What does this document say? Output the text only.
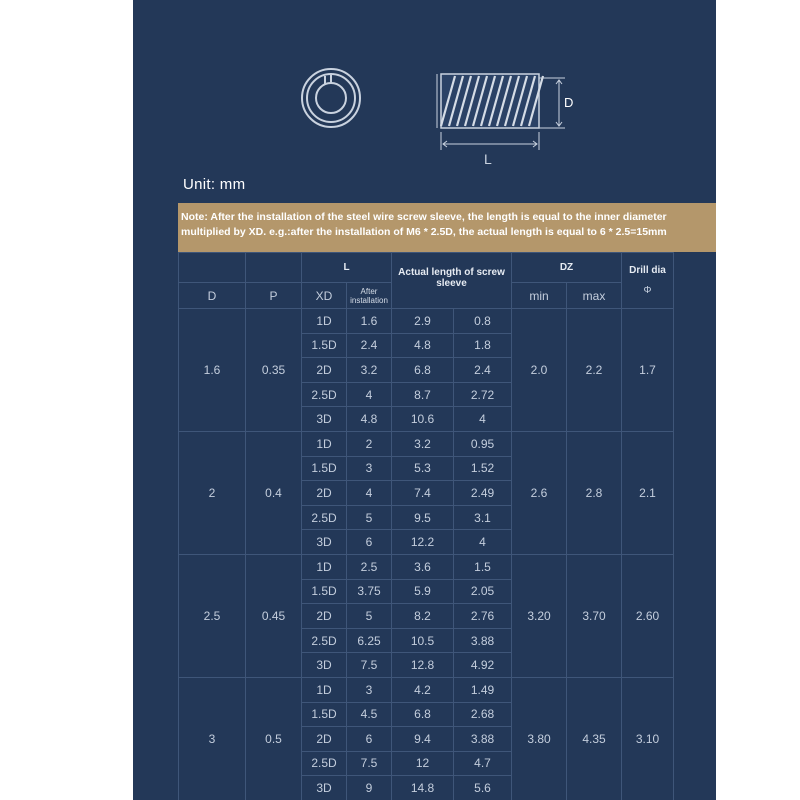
D
L
Unit: mm
Note: After the installation of the steel wire screw sleeve, the length is equal to the inner diameter
multiplied by XD. e.g.:after the installation of M6 * 2.5D, the actual length is equal to 6 * 2.5=15mm
		L		Actual length of screw sleeve		DZ		Drill dia
Φ

D	P	XD	After installation			min	max	
1.6	0.35	1D	1.6	2.9	0.8	2.0	2.2	1.7
		1.5D	2.4	4.8	1.8			
		2D	3.2	6.8	2.4			
		2.5D	4	8.7	2.72			
		3D	4.8	10.6	4			
2	0.4	1D	2	3.2	0.95	2.6	2.8	2.1
		1.5D	3	5.3	1.52			
		2D	4	7.4	2.49			
		2.5D	5	9.5	3.1			
		3D	6	12.2	4			
2.5	0.45	1D	2.5	3.6	1.5	3.20	3.70	2.60
		1.5D	3.75	5.9	2.05			
		2D	5	8.2	2.76			
		2.5D	6.25	10.5	3.88			
		3D	7.5	12.8	4.92			
3	0.5	1D	3	4.2	1.49	3.80	4.35	3.10
		1.5D	4.5	6.8	2.68			
		2D	6	9.4	3.88			
		2.5D	7.5	12	4.7			
		3D	9	14.8	5.6			
